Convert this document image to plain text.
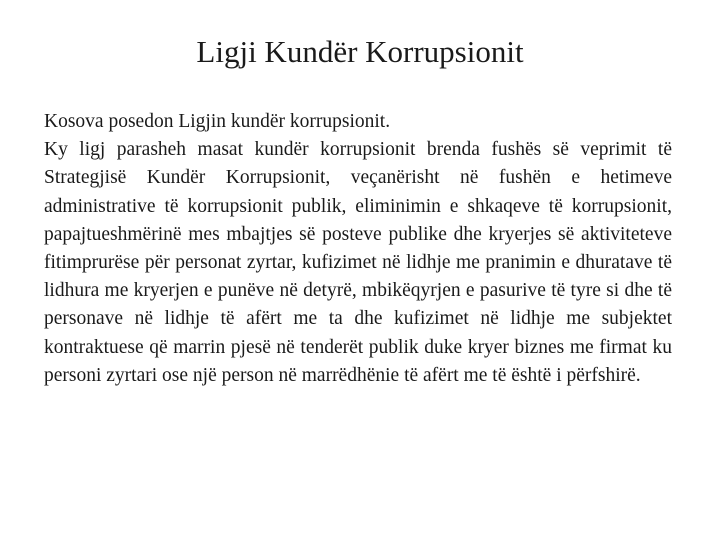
Ligji Kundër Korrupsionit

Kosova posedon Ligjin kundër korrupsionit.

Ky ligj parasheh masat kundër korrupsionit brenda fushës së veprimit të Strategjisë Kundër Korrupsionit, veçanërisht në fushën e hetimeve administrative të korrupsionit publik, eliminimin e shkaqeve të korrupsionit, papajtueshmërinë mes mbajtjes së posteve publike dhe kryerjes së aktiviteteve fitimprurëse për personat zyrtar, kufizimet në lidhje me pranimin e dhuratave të lidhura me kryerjen e punëve në detyrë, mbikëqyrjen e pasurive të tyre si dhe të personave në lidhje të afërt me ta dhe kufizimet në lidhje me subjektet kontraktuese që marrin pjesë në tenderët publik duke kryer biznes me firmat ku personi zyrtari ose një person në marrëdhënie të afërt me të është i përfshirë.
